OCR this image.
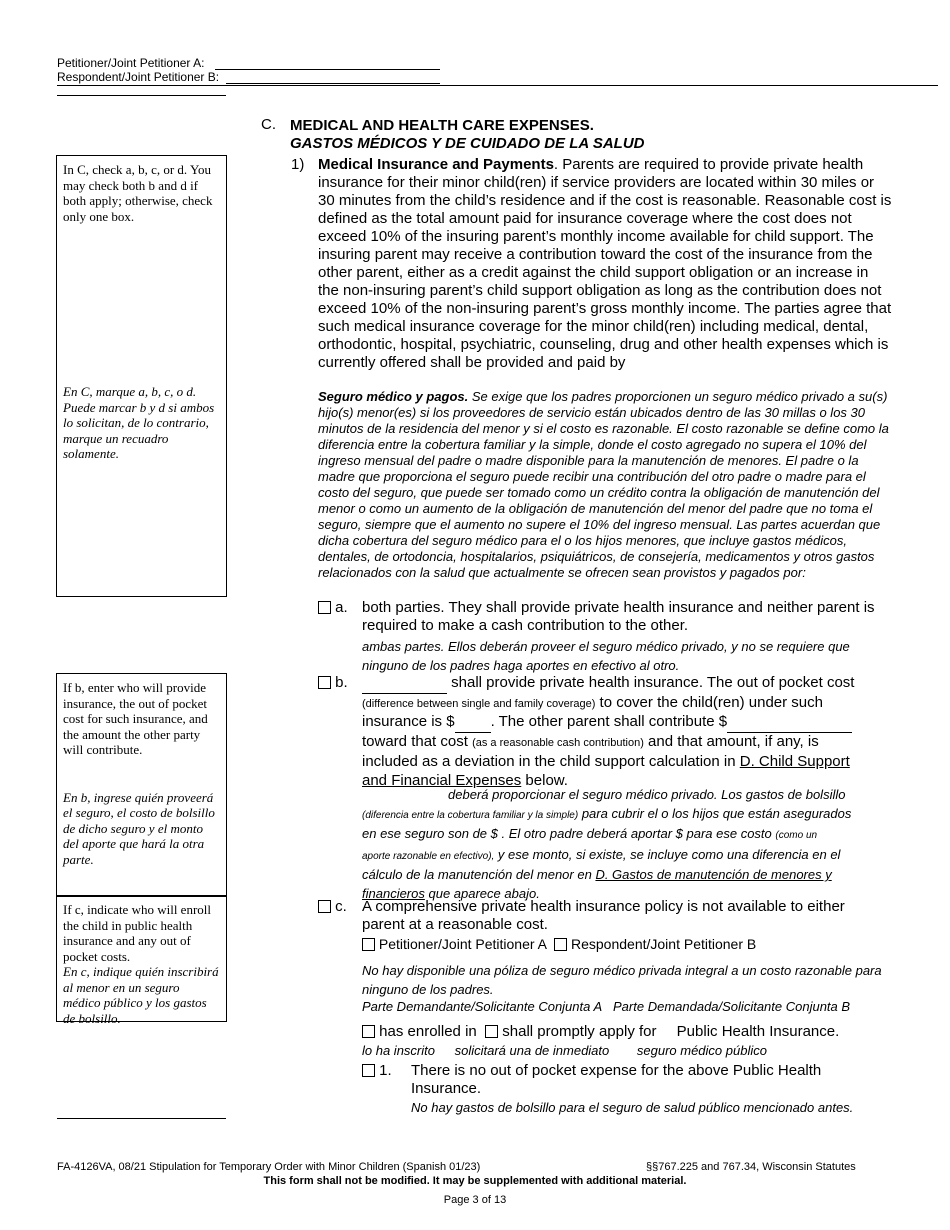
Petitioner/Joint Petitioner A:
Respondent/Joint Petitioner B:
In C, check a, b, c, or d. You may check both b and d if both apply; otherwise, check only one box.
En C, marque a, b, c, o d. Puede marcar b y d si ambos lo solicitan, de lo contrario, marque un recuadro solamente.
If b, enter who will provide insurance, the out of pocket cost for such insurance, and the amount the other party will contribute.
En b, ingrese quién proveerá el seguro, el costo de bolsillo de dicho seguro y el monto del aporte que hará la otra parte.
If c, indicate who will enroll the child in public health insurance and any out of pocket costs.
En c, indique quién inscribirá al menor en un seguro médico público y los gastos de bolsillo.
C. MEDICAL AND HEALTH CARE EXPENSES.
GASTOS MÉDICOS Y DE CUIDADO DE LA SALUD
1) Medical Insurance and Payments. Parents are required to provide private health insurance for their minor child(ren) if service providers are located within 30 miles or 30 minutes from the child’s residence and if the cost is reasonable. Reasonable cost is defined as the total amount paid for insurance coverage where the cost does not exceed 10% of the insuring parent’s monthly income available for child support. The insuring parent may receive a contribution toward the cost of the insurance from the other parent, either as a credit against the child support obligation or an increase in the non-insuring parent’s child support obligation as long as the contribution does not exceed 10% of the non-insuring parent’s gross monthly income. The parties agree that such medical insurance coverage for the minor child(ren) including medical, dental, orthodontic, hospital, psychiatric, counseling, drug and other health expenses which is currently offered shall be provided and paid by
Seguro médico y pagos. Se exige que los padres proporcionen un seguro médico privado a su(s) hijo(s) menor(es) si los proveedores de servicio están ubicados dentro de las 30 millas o los 30 minutos de la residencia del menor y si el costo es razonable. El costo razonable se define como la diferencia entre la cobertura familiar y la simple, donde el costo agregado no supera el 10% del ingreso mensual del padre o madre disponible para la manutención de menores. El padre o la madre que proporciona el seguro puede recibir una contribución del otro padre o madre para el costo del seguro, que puede ser tomado como un crédito contra la obligación de manutención del menor o como un aumento de la obligación de manutención del menor del padre que no toma el seguro, siempre que el aumento no supere el 10% del ingreso mensual. Las partes acuerdan que dicha cobertura del seguro médico para el o los hijos menores, que incluye gastos médicos, dentales, de ortodoncia, hospitalarios, psiquiátricos, de consejería, medicamentos y otros gastos relacionados con la salud que actualmente se ofrecen sean provistos y pagados por:
a. both parties. They shall provide private health insurance and neither parent is required to make a cash contribution to the other.
ambas partes. Ellos deberán proveer el seguro médico privado, y no se requiere que ninguno de los padres haga aportes en efectivo al otro.
b.	shall provide private health insurance. The out of pocket cost
(difference between single and family coverage) to cover the child(ren) under such
insurance is $ . The other parent shall contribute $
toward that cost (as a reasonable cash contribution) and that amount, if any, is
included as a deviation in the child support calculation in D. Child Support
and Financial Expenses below.
deberá proporcionar el seguro médico privado. Los gastos de bolsillo
(diferencia entre la cobertura familiar y la simple) para cubrir el o los hijos que están asegurados
en ese seguro son de $ . El otro padre deberá aportar $ para ese costo (como un
aporte razonable en efectivo), y ese monto, si existe, se incluye como una diferencia en el
cálculo de la manutención del menor en D. Gastos de manutención de menores y
financieros que aparece abajo.
c. A comprehensive private health insurance policy is not available to either parent at a reasonable cost.
Petitioner/Joint Petitioner A Respondent/Joint Petitioner B
No hay disponible una póliza de seguro médico privada integral a un costo razonable para ninguno de los padres.
Parte Demandante/Solicitante Conjunta A Parte Demandada/Solicitante Conjunta B
has enrolled in shall promptly apply for Public Health Insurance.
lo ha inscrito solicitará una de inmediato seguro médico público
1. There is no out of pocket expense for the above Public Health Insurance.
No hay gastos de bolsillo para el seguro de salud público mencionado antes.
FA-4126VA, 08/21 Stipulation for Temporary Order with Minor Children (Spanish 01/23)	§§767.225 and 767.34, Wisconsin Statutes
This form shall not be modified. It may be supplemented with additional material.
Page 3 of 13
